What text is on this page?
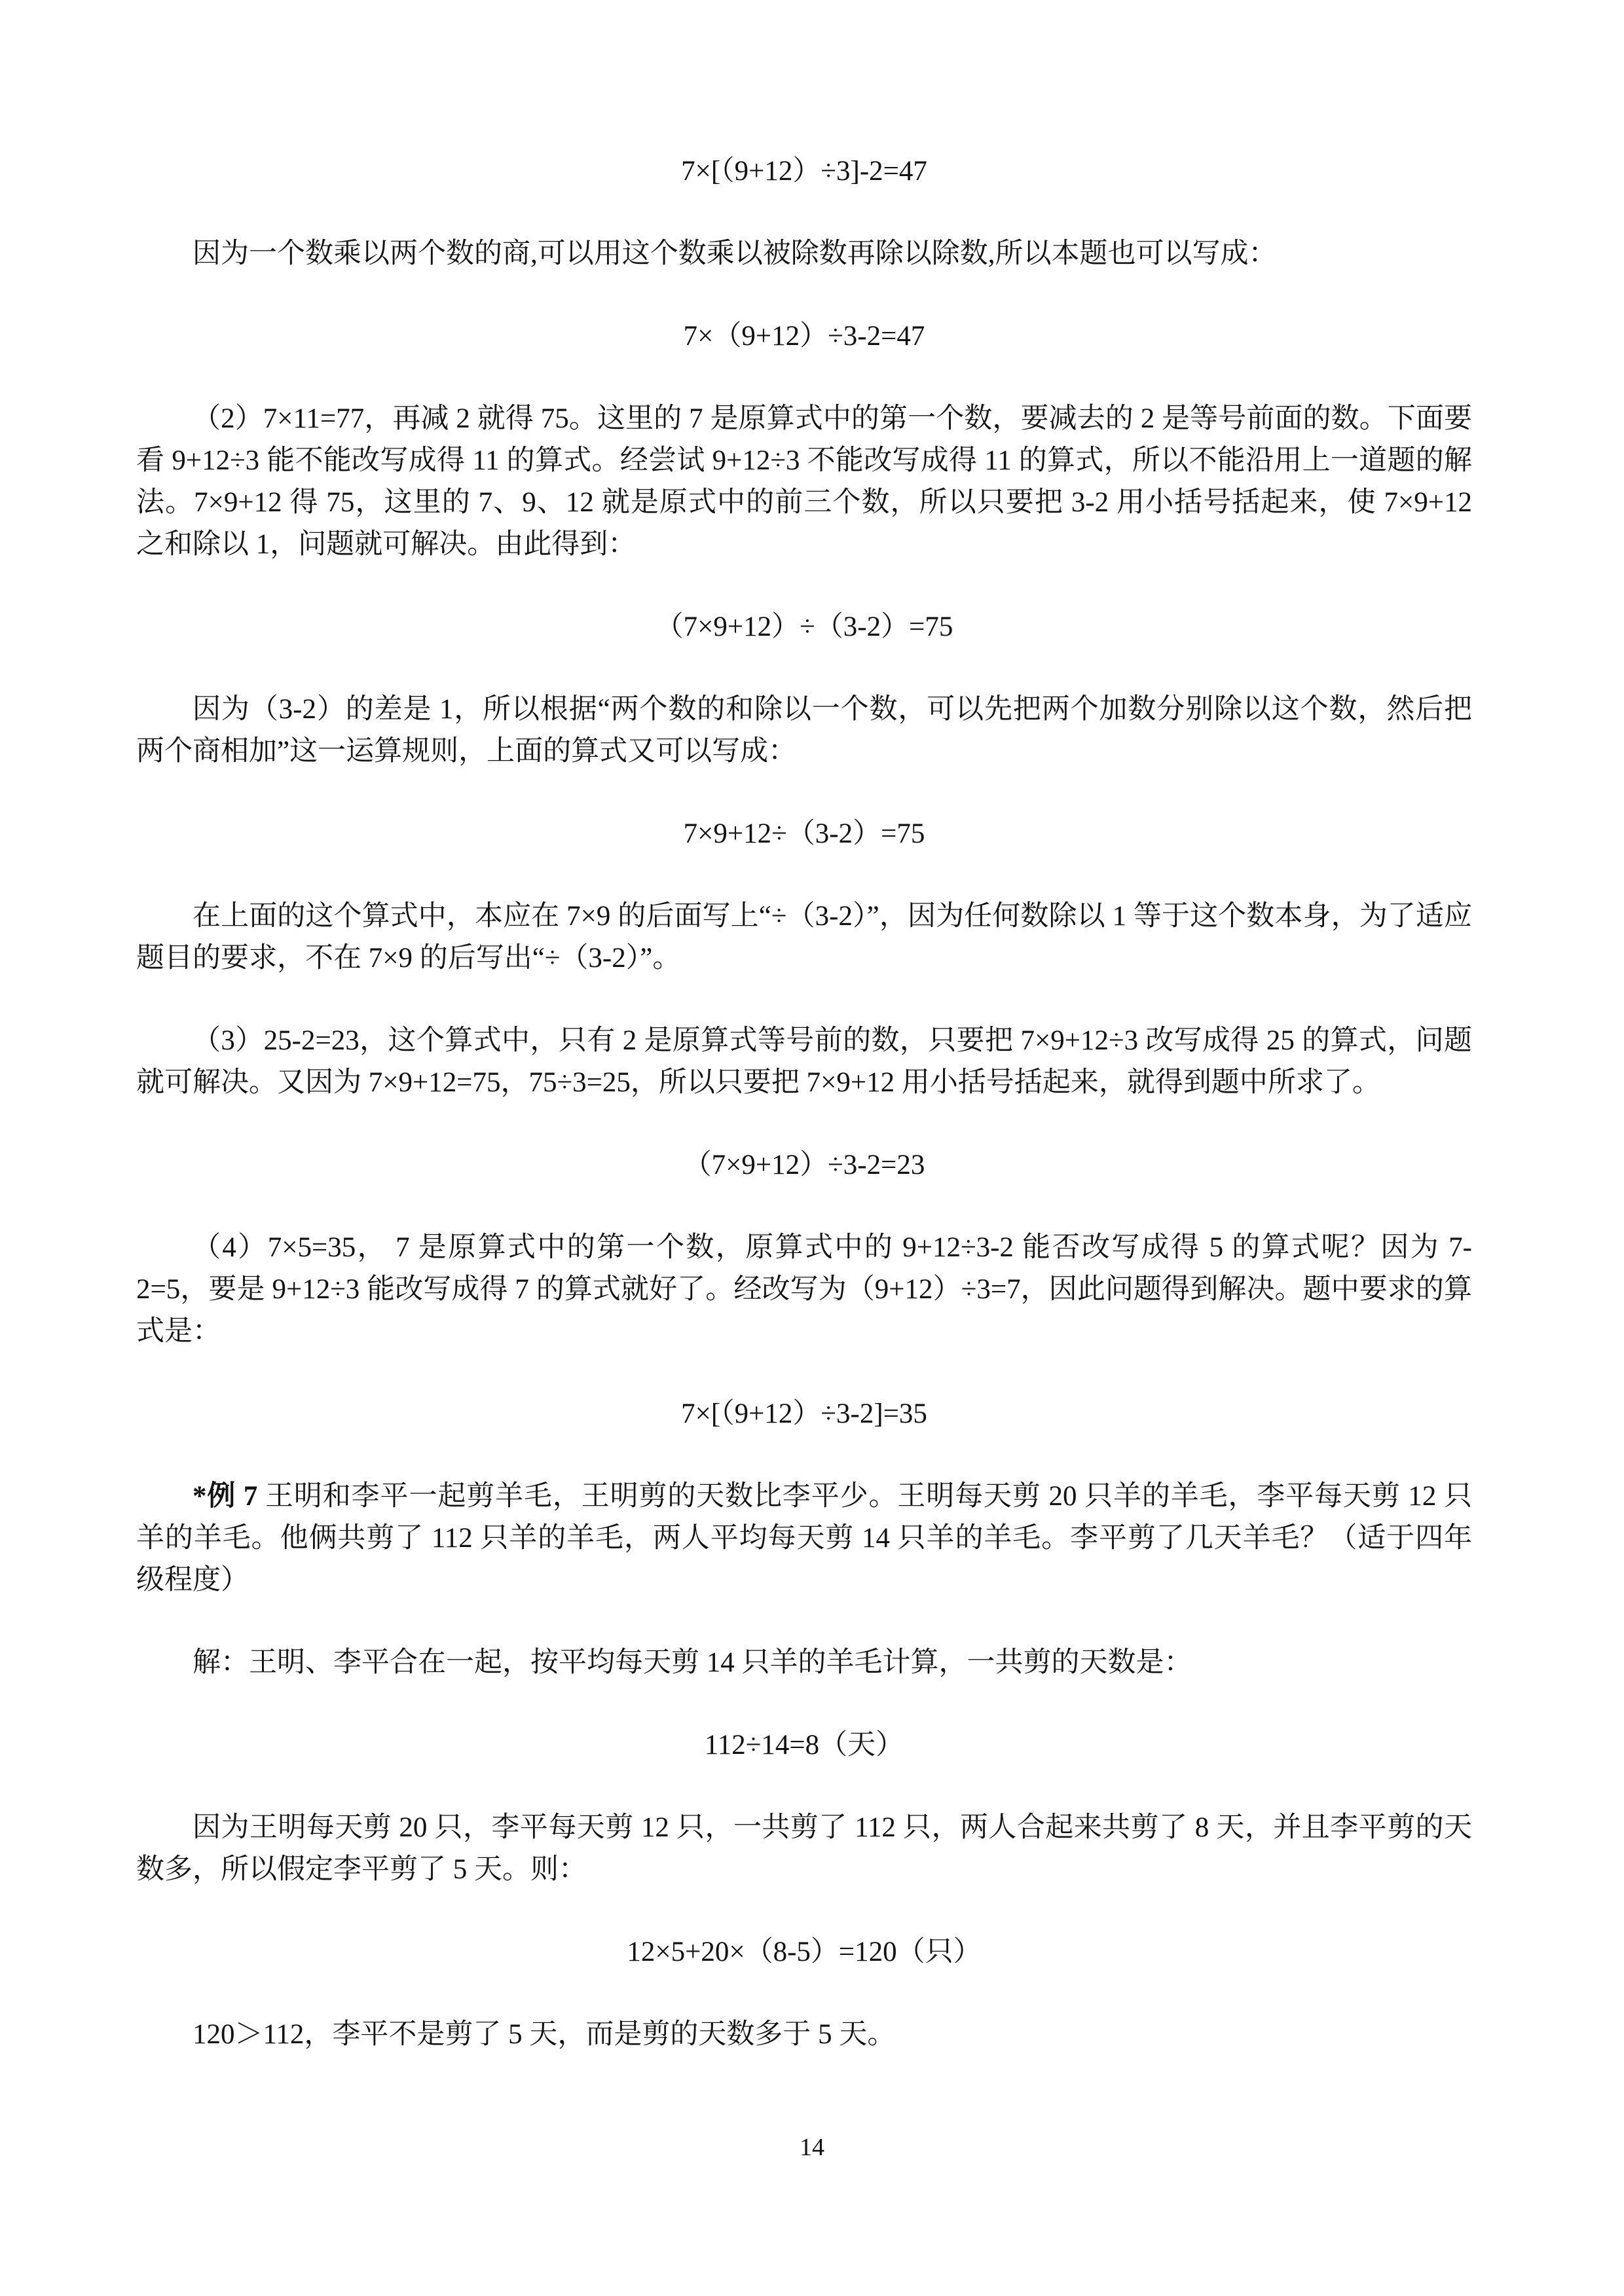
7×[（9+12）÷3]-2=47
因为一个数乘以两个数的商,可以用这个数乘以被除数再除以除数,所以本题也可以写成：
7×（9+12）÷3-2=47
（2）7×11=77，再减 2 就得 75。这里的 7 是原算式中的第一个数，要减去的 2 是等号前面的数。下面要看 9+12÷3 能不能改写成得 11 的算式。经尝试 9+12÷3 不能改写成得 11 的算式，所以不能沿用上一道题的解法。7×9+12 得 75，这里的 7、9、12 就是原式中的前三个数，所以只要把 3-2 用小括号括起来，使 7×9+12 之和除以 1，问题就可解决。由此得到：
（7×9+12）÷（3-2）=75
因为（3-2）的差是 1，所以根据“两个数的和除以一个数，可以先把两个加数分别除以这个数，然后把两个商相加”这一运算规则，上面的算式又可以写成：
7×9+12÷（3-2）=75
在上面的这个算式中，本应在 7×9 的后面写上“÷（3-2）”，因为任何数除以 1 等于这个数本身，为了适应题目的要求，不在 7×9 的后写出“÷（3-2）”。
（3）25-2=23，这个算式中，只有 2 是原算式等号前的数，只要把 7×9+12÷3 改写成得 25 的算式，问题就可解决。又因为 7×9+12=75，75÷3=25，所以只要把 7×9+12 用小括号括起来，就得到题中所求了。
（7×9+12）÷3-2=23
（4）7×5=35， 7 是原算式中的第一个数，原算式中的 9+12÷3-2 能否改写成得 5 的算式呢？因为 7-2=5，要是 9+12÷3 能改写成得 7 的算式就好了。经改写为（9+12）÷3=7，因此问题得到解决。题中要求的算式是：
7×[（9+12）÷3-2]=35
*例 7 王明和李平一起剪羊毛，王明剪的天数比李平少。王明每天剪 20 只羊的羊毛，李平每天剪 12 只羊的羊毛。他俩共剪了 112 只羊的羊毛，两人平均每天剪 14 只羊的羊毛。李平剪了几天羊毛？（适于四年级程度）
解：王明、李平合在一起，按平均每天剪 14 只羊的羊毛计算，一共剪的天数是：
112÷14=8（天）
因为王明每天剪 20 只，李平每天剪 12 只，一共剪了 112 只，两人合起来共剪了 8 天，并且李平剪的天数多，所以假定李平剪了 5 天。则：
12×5+20×（8-5）=120（只）
120＞112，李平不是剪了 5 天，而是剪的天数多于 5 天。
14
